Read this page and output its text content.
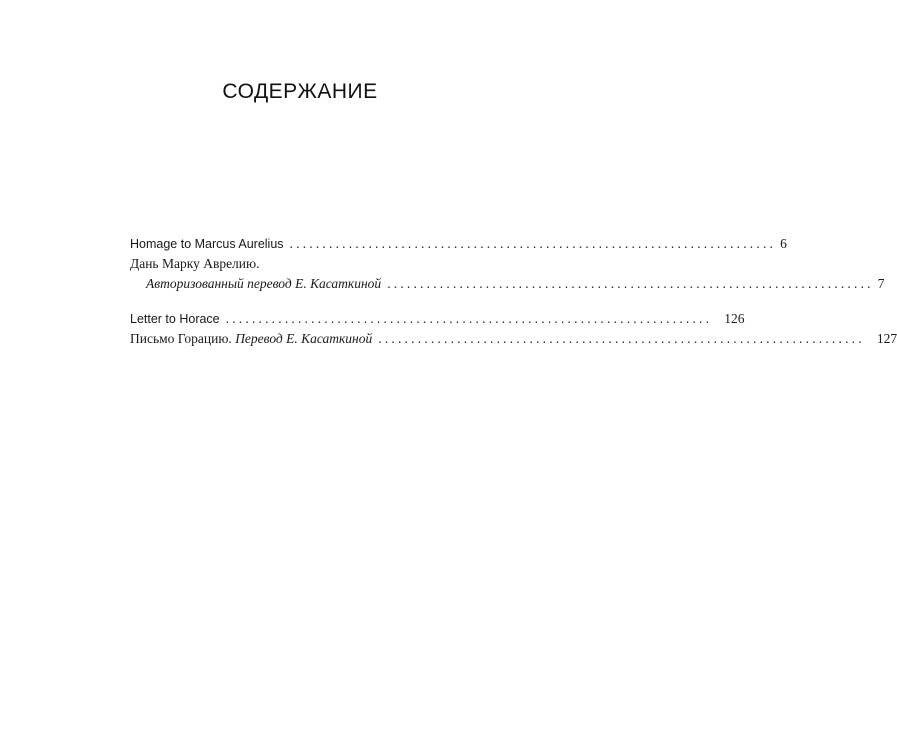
СОДЕРЖАНИЕ
Homage to Marcus Aurelius .......................................................................... 6
Дань Марку Аврелию.
Авторизованный перевод Е. Касаткиной .......................................................................... 7
Letter to Horace .......................................................................... 126
Письмо Горацию. Перевод Е. Касаткиной .......................................................................... 127
